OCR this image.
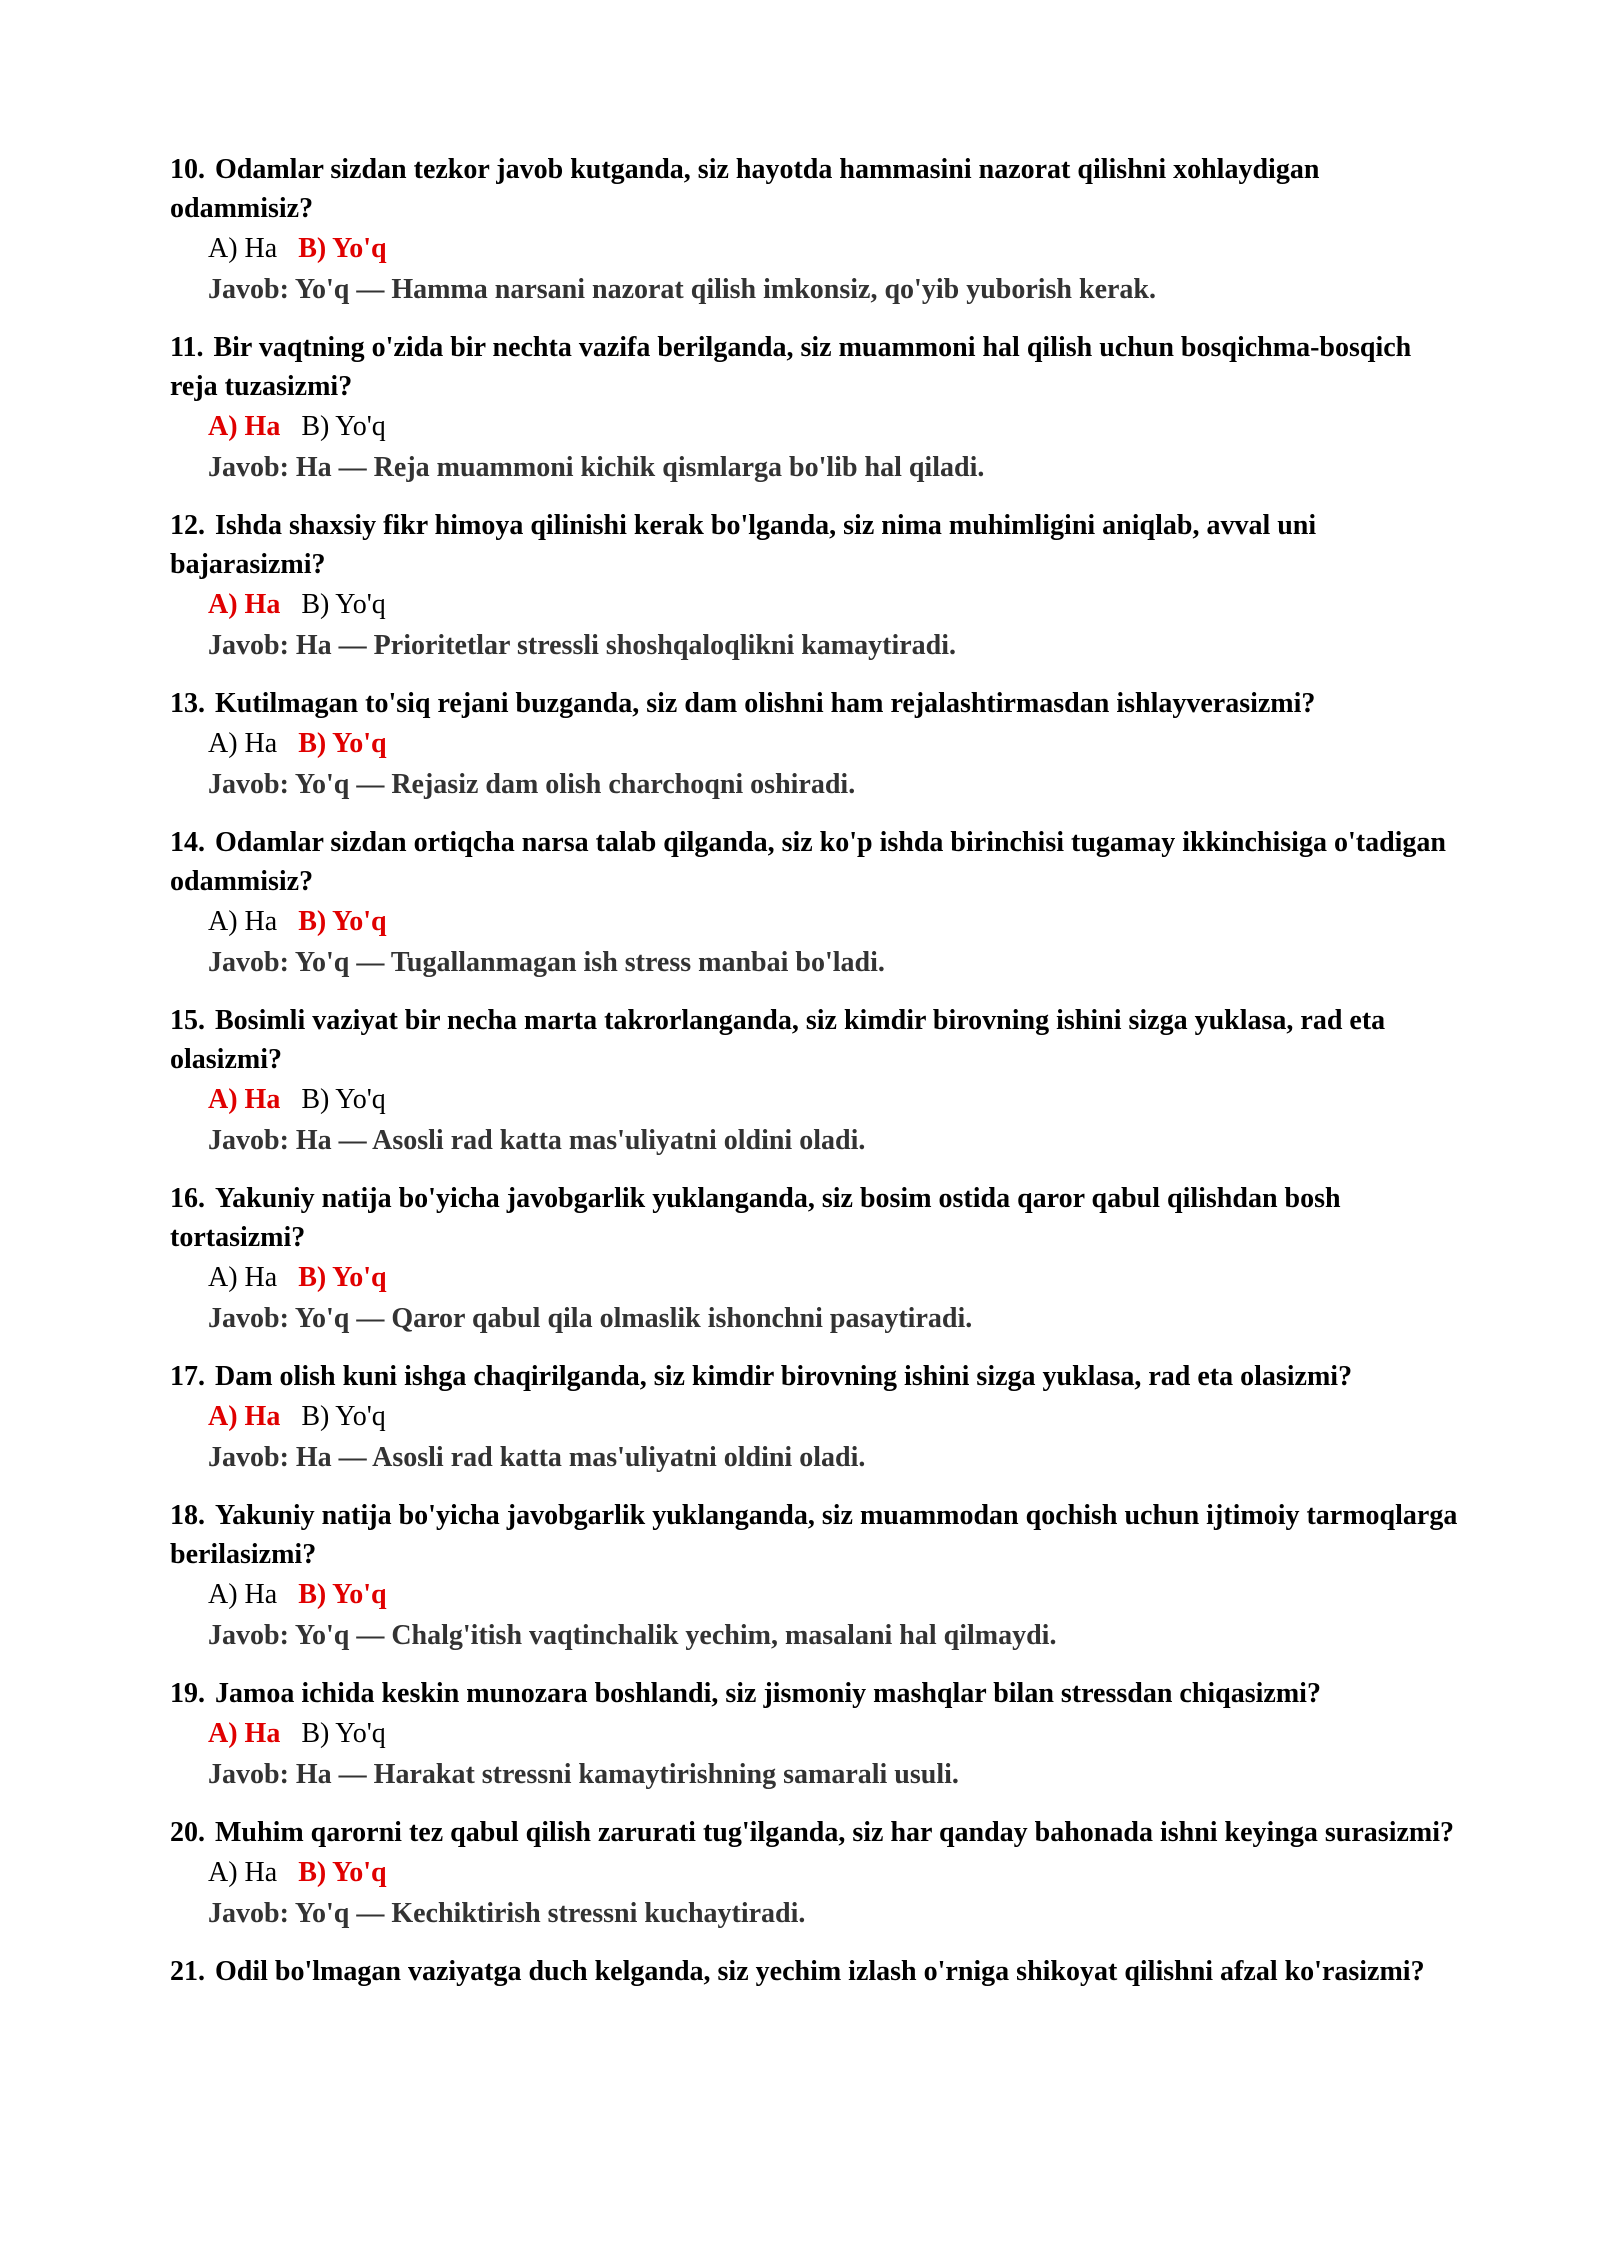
10. Odamlar sizdan tezkor javob kutganda, siz hayotda hammasini nazorat qilishni xohlaydigan odammisiz?

A) Ha B) Yo'q
Javob: Yo'q — Hamma narsani nazorat qilish imkonsiz, qo'yib yuborish kerak.

11. Bir vaqtning o'zida bir nechta vazifa berilganda, siz muammoni hal qilish uchun bosqichma-bosqich reja tuzasizmi?

A) Ha B) Yo'q
Javob: Ha — Reja muammoni kichik qismlarga bo'lib hal qiladi.

12. Ishda shaxsiy fikr himoya qilinishi kerak bo'lganda, siz nima muhimligini aniqlab, avval uni bajarasizmi?

A) Ha B) Yo'q
Javob: Ha — Prioritetlar stressli shoshqaloqlikni kamaytiradi.

13. Kutilmagan to'siq rejani buzganda, siz dam olishni ham rejalashtirmasdan ishlayverasizmi?

A) Ha B) Yo'q
Javob: Yo'q — Rejasiz dam olish charchoqni oshiradi.

14. Odamlar sizdan ortiqcha narsa talab qilganda, siz ko'p ishda birinchisi tugamay ikkinchisiga o'tadigan odammisiz?

A) Ha B) Yo'q
Javob: Yo'q — Tugallanmagan ish stress manbai bo'ladi.

15. Bosimli vaziyat bir necha marta takrorlanganda, siz kimdir birovning ishini sizga yuklasa, rad eta olasizmi?

A) Ha B) Yo'q
Javob: Ha — Asosli rad katta mas'uliyatni oldini oladi.

16. Yakuniy natija bo'yicha javobgarlik yuklanganda, siz bosim ostida qaror qabul qilishdan bosh tortasizmi?

A) Ha B) Yo'q
Javob: Yo'q — Qaror qabul qila olmaslik ishonchni pasaytiradi.

17. Dam olish kuni ishga chaqirilganda, siz kimdir birovning ishini sizga yuklasa, rad eta olasizmi?

A) Ha B) Yo'q
Javob: Ha — Asosli rad katta mas'uliyatni oldini oladi.

18. Yakuniy natija bo'yicha javobgarlik yuklanganda, siz muammodan qochish uchun ijtimoiy tarmoqlarga berilasizmi?

A) Ha B) Yo'q
Javob: Yo'q — Chalg'itish vaqtinchalik yechim, masalani hal qilmaydi.

19. Jamoa ichida keskin munozara boshlandi, siz jismoniy mashqlar bilan stressdan chiqasizmi?

A) Ha B) Yo'q
Javob: Ha — Harakat stressni kamaytirishning samarali usuli.

20. Muhim qarorni tez qabul qilish zarurati tug'ilganda, siz har qanday bahonada ishni keyinga surasizmi?

A) Ha B) Yo'q
Javob: Yo'q — Kechiktirish stressni kuchaytiradi.

21. Odil bo'lmagan vaziyatga duch kelganda, siz yechim izlash o'rniga shikoyat qilishni afzal ko'rasizmi?
